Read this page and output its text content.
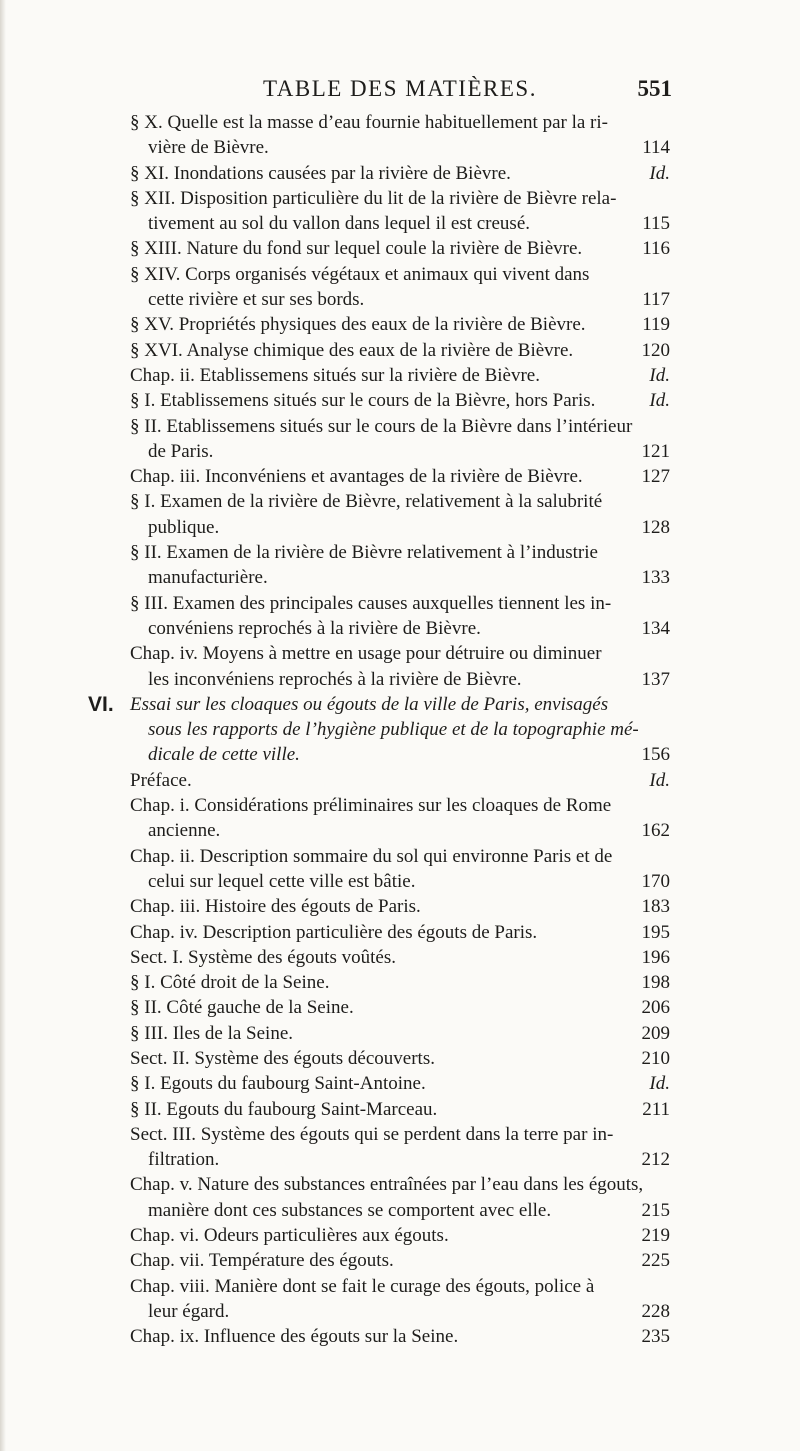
TABLE DES MATIÈRES.	551
§ X. Quelle est la masse d’eau fournie habituellement par la ri-
vière de Bièvre.	114
§ XI. Inondations causées par la rivière de Bièvre.	Id.
§ XII. Disposition particulière du lit de la rivière de Bièvre rela-
tivement au sol du vallon dans lequel il est creusé.	115
§ XIII. Nature du fond sur lequel coule la rivière de Bièvre.	116
§ XIV. Corps organisés végétaux et animaux qui vivent dans
cette rivière et sur ses bords.	117
§ XV. Propriétés physiques des eaux de la rivière de Bièvre.	119
§ XVI. Analyse chimique des eaux de la rivière de Bièvre.	120
Chap. ii. Etablissemens situés sur la rivière de Bièvre.	Id.
§ I. Etablissemens situés sur le cours de la Bièvre, hors Paris.	Id.
§ II. Etablissemens situés sur le cours de la Bièvre dans l’intérieur
de Paris.	121
Chap. iii. Inconvéniens et avantages de la rivière de Bièvre.	127
§ I. Examen de la rivière de Bièvre, relativement à la salubrité
publique.	128
§ II. Examen de la rivière de Bièvre relativement à l’industrie
manufacturière.	133
§ III. Examen des principales causes auxquelles tiennent les in-
convéniens reprochés à la rivière de Bièvre.	134
Chap. iv. Moyens à mettre en usage pour détruire ou diminuer
les inconvéniens reprochés à la rivière de Bièvre.	137
VI. Essai sur les cloaques ou égouts de la ville de Paris, envisagés
sous les rapports de l’hygiène publique et de la topographie mé-
dicale de cette ville.	156
Préface.	Id.
Chap. i. Considérations préliminaires sur les cloaques de Rome
ancienne.	162
Chap. ii. Description sommaire du sol qui environne Paris et de
celui sur lequel cette ville est bâtie.	170
Chap. iii. Histoire des égouts de Paris.	183
Chap. iv. Description particulière des égouts de Paris.	195
Sect. I. Système des égouts voûtés.	196
§ I. Côté droit de la Seine.	198
§ II. Côté gauche de la Seine.	206
§ III. Iles de la Seine.	209
Sect. II. Système des égouts découverts.	210
§ I. Egouts du faubourg Saint-Antoine.	Id.
§ II. Egouts du faubourg Saint-Marceau.	211
Sect. III. Système des égouts qui se perdent dans la terre par in-
filtration.	212
Chap. v. Nature des substances entraînées par l’eau dans les égouts,
manière dont ces substances se comportent avec elle.	215
Chap. vi. Odeurs particulières aux égouts.	219
Chap. vii. Température des égouts.	225
Chap. viii. Manière dont se fait le curage des égouts, police à
leur égard.	228
Chap. ix. Influence des égouts sur la Seine.	235
